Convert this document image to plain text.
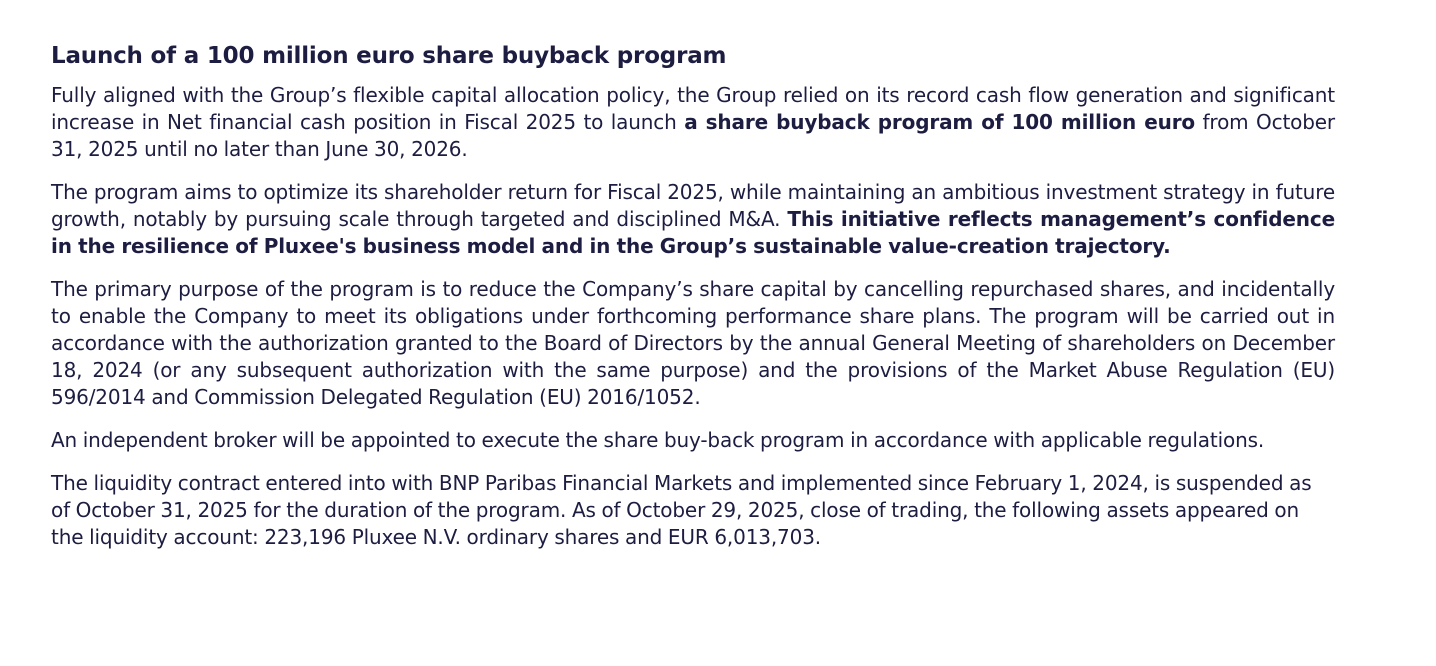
Launch of a 100 million euro share buyback program

Fully aligned with the Group’s flexible capital allocation policy, the Group relied on its record cash flow generation and significant increase in Net financial cash position in Fiscal 2025 to launch a share buyback program of 100 million euro from October 31, 2025 until no later than June 30, 2026.

The program aims to optimize its shareholder return for Fiscal 2025, while maintaining an ambitious investment strategy in future growth, notably by pursuing scale through targeted and disciplined M&A. This initiative reflects management’s confidence in the resilience of Pluxee's business model and in the Group’s sustainable value-creation trajectory.

The primary purpose of the program is to reduce the Company’s share capital by cancelling repurchased shares, and incidentally to enable the Company to meet its obligations under forthcoming performance share plans. The program will be carried out in accordance with the authorization granted to the Board of Directors by the annual General Meeting of shareholders on December 18, 2024 (or any subsequent authorization with the same purpose) and the provisions of the Market Abuse Regulation (EU) 596/2014 and Commission Delegated Regulation (EU) 2016/1052.

An independent broker will be appointed to execute the share buy-back program in accordance with applicable regulations.

The liquidity contract entered into with BNP Paribas Financial Markets and implemented since February 1, 2024, is suspended as of October 31, 2025 for the duration of the program. As of October 29, 2025, close of trading, the following assets appeared on the liquidity account: 223,196 Pluxee N.V. ordinary shares and EUR 6,013,703.
